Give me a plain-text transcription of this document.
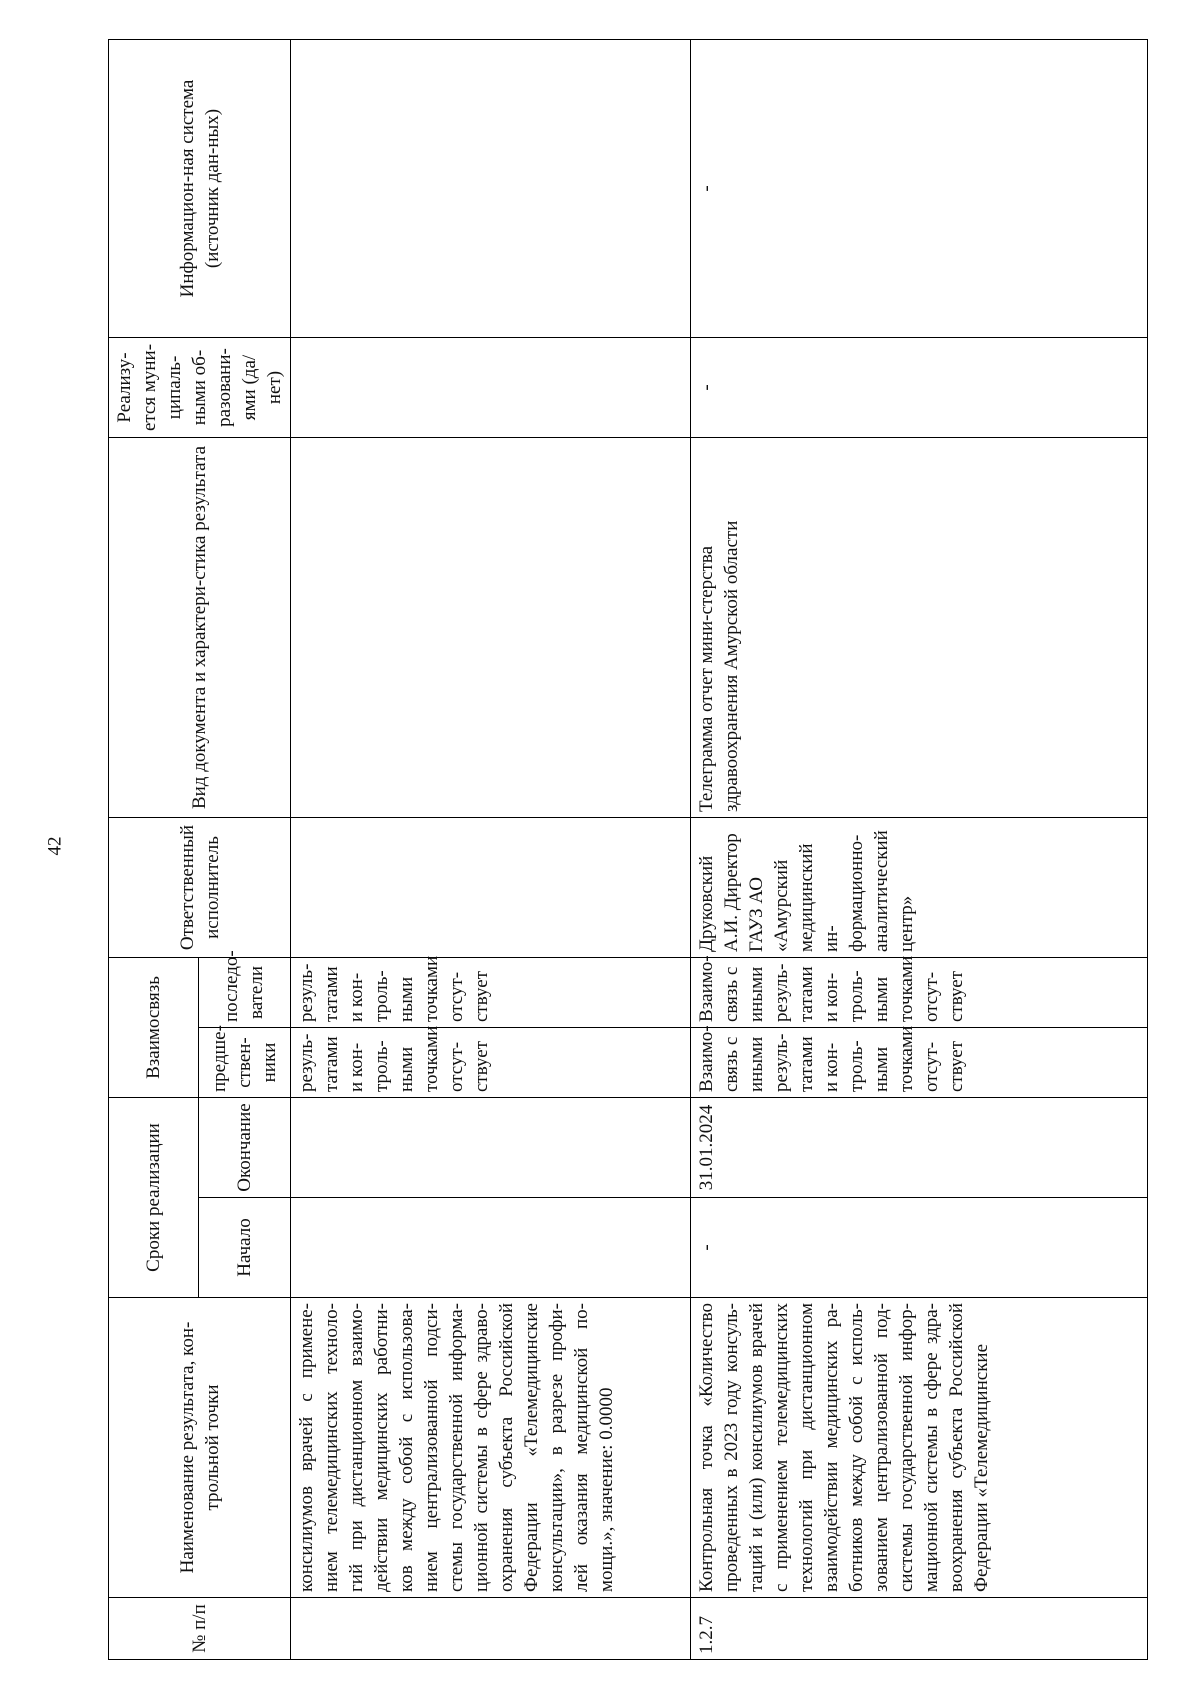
42
№ п/п	Наименование результата, кон-трольной точки	Сроки реализации		Взаимосвязь		Ответственный исполнитель	Вид документа и характери-стика результата	Реализу-ется муни-ципаль-ными об-разовани-ями (да/нет)	Информацион-ная система (источник дан-ных)
		Начало	Окончание	предше-ствен-ники	последо-ватели				
	консилиумов врачей с примене-нием телемедицинских техноло-гий при дистанционном взаимо-действии медицинских работни-ков между собой с использова-нием централизованной подси-стемы государственной информа-ционной системы в сфере здраво-охранения субъекта Российской Федерации «Телемедицинские консультации», в разрезе профи-лей оказания медицинской по-мощи.», значение: 0.0000			резуль-татами и кон-троль-ными точками отсут-ствует	резуль-татами и кон-троль-ными точками отсут-ствует				
1.2.7	Контрольная точка «Количество проведенных в 2023 году консуль-таций и (или) консилиумов врачей с применением телемедицинских технологий при дистанционном взаимодействии медицинских ра-ботников между собой с исполь-зованием централизованной под-системы государственной инфор-мационной системы в сфере здра-воохранения субъекта Российской Федерации «Телемедицинские	-	31.01.2024	Взаимо-связь с иными резуль-татами и кон-троль-ными точками отсут-ствует	Взаимо-связь с иными резуль-татами и кон-троль-ными точками отсут-ствует	Друковский А.И. Директор ГАУЗ АО «Амурский медицинский ин-формационно-аналитический центр»	Телеграмма отчет мини-стерства здравоохранения Амурской области	-	-
